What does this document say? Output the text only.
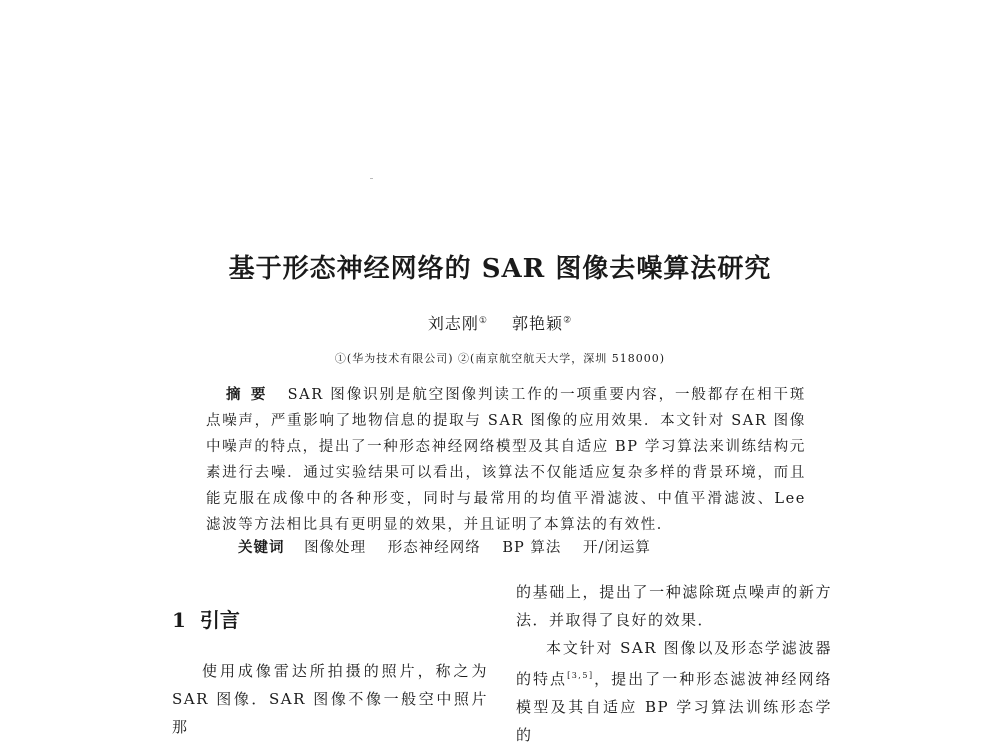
基于形态神经网络的 SAR 图像去噪算法研究
刘志刚① 郭艳颖②
①(华为技术有限公司) ②(南京航空航天大学，深圳 518000)
摘要 SAR 图像识别是航空图像判读工作的一项重要内容，一般都存在相干斑点噪声，严重影响了地物信息的提取与 SAR 图像的应用效果．本文针对 SAR 图像中噪声的特点，提出了一种形态神经网络模型及其自适应 BP 学习算法来训练结构元素进行去噪．通过实验结果可以看出，该算法不仅能适应复杂多样的背景环境，而且能克服在成像中的各种形变，同时与最常用的均值平滑滤波、中值平滑滤波、Lee 滤波等方法相比具有更明显的效果，并且证明了本算法的有效性．
关键词 图像处理 形态神经网络 BP 算法 开/闭运算
1 引言
使用成像雷达所拍摄的照片，称之为 SAR 图像．SAR 图像不像一般空中照片那

的基础上，提出了一种滤除斑点噪声的新方法．并取得了良好的效果．

本文针对 SAR 图像以及形态学滤波器的特点[3,5]，提出了一种形态滤波神经网络模型及其自适应 BP 学习算法训练形态学的
